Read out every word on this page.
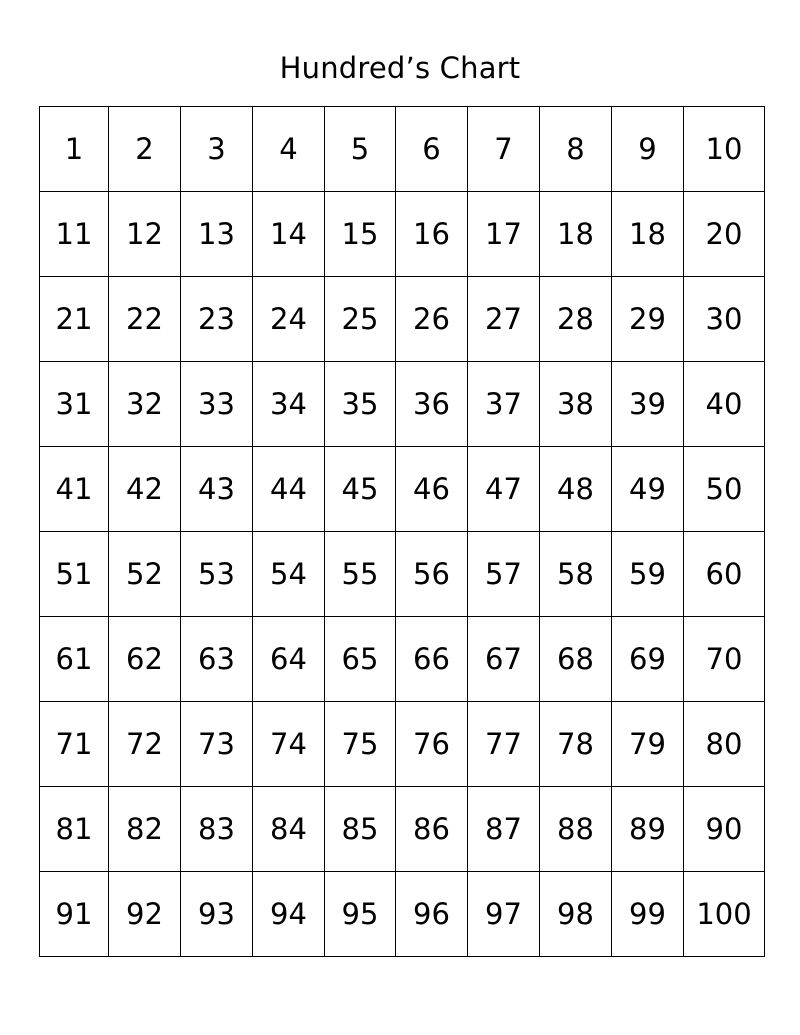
Hundred’s Chart
1	2	3	4	5	6	7	8	9	10
11	12	13	14	15	16	17	18	18	20
21	22	23	24	25	26	27	28	29	30
31	32	33	34	35	36	37	38	39	40
41	42	43	44	45	46	47	48	49	50
51	52	53	54	55	56	57	58	59	60
61	62	63	64	65	66	67	68	69	70
71	72	73	74	75	76	77	78	79	80
81	82	83	84	85	86	87	88	89	90
91	92	93	94	95	96	97	98	99	100
